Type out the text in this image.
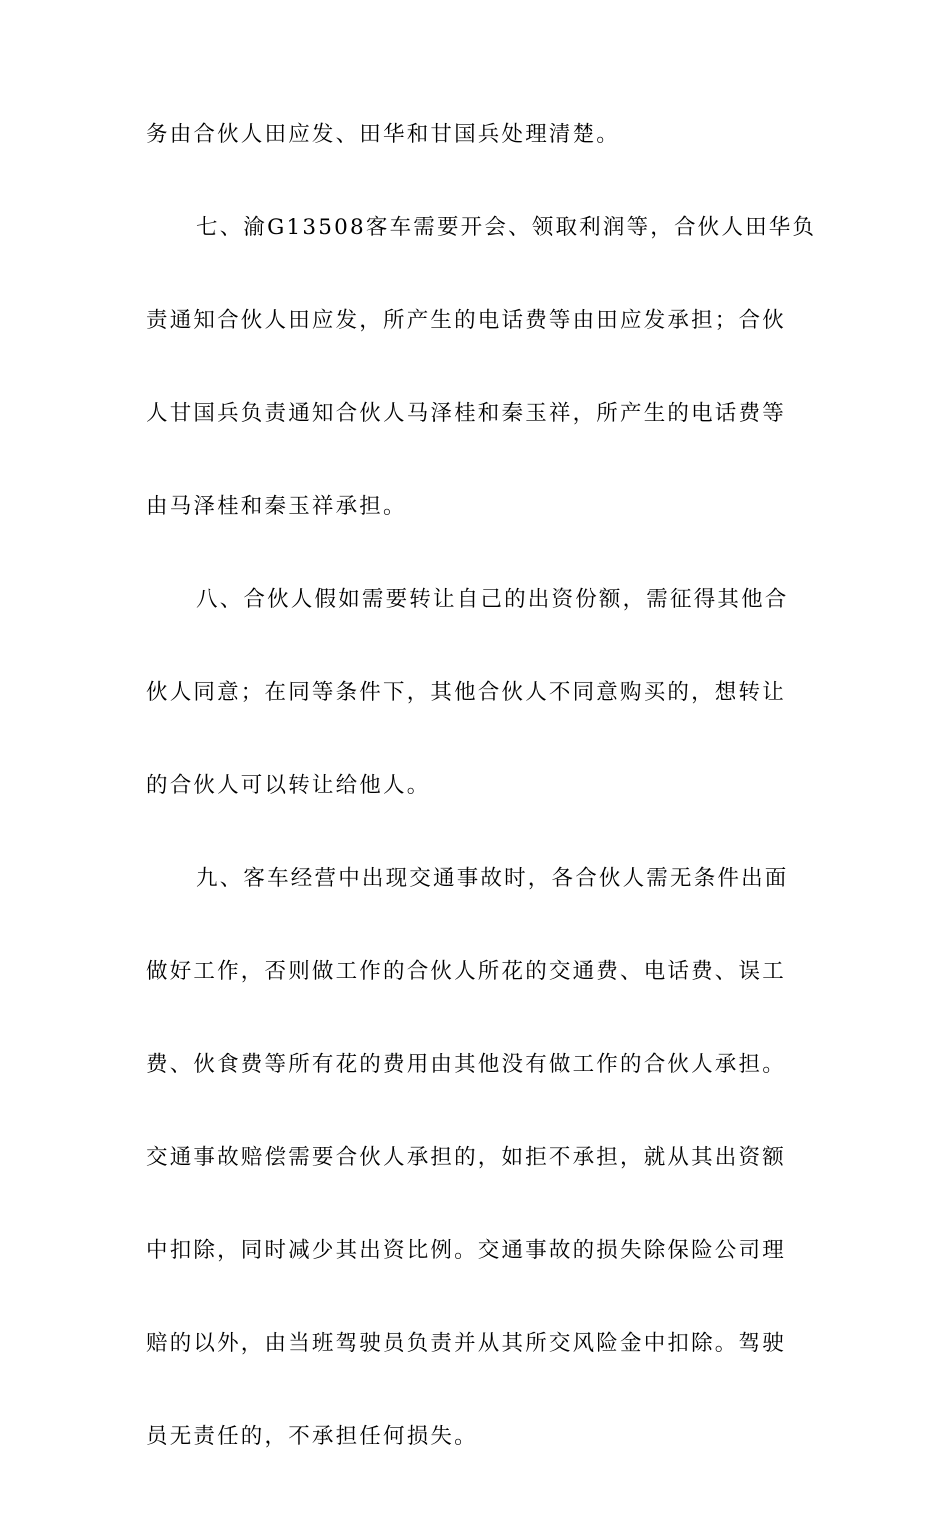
务由合伙人田应发、田华和甘国兵处理清楚。
七、渝G13508客车需要开会、领取利润等，合伙人田华负
责通知合伙人田应发，所产生的电话费等由田应发承担；合伙
人甘国兵负责通知合伙人马泽桂和秦玉祥，所产生的电话费等
由马泽桂和秦玉祥承担。
八、合伙人假如需要转让自己的出资份额，需征得其他合
伙人同意；在同等条件下，其他合伙人不同意购买的，想转让
的合伙人可以转让给他人。
九、客车经营中出现交通事故时，各合伙人需无条件出面
做好工作，否则做工作的合伙人所花的交通费、电话费、误工
费、伙食费等所有花的费用由其他没有做工作的合伙人承担。
交通事故赔偿需要合伙人承担的，如拒不承担，就从其出资额
中扣除，同时减少其出资比例。交通事故的损失除保险公司理
赔的以外，由当班驾驶员负责并从其所交风险金中扣除。驾驶
员无责任的，不承担任何损失。
